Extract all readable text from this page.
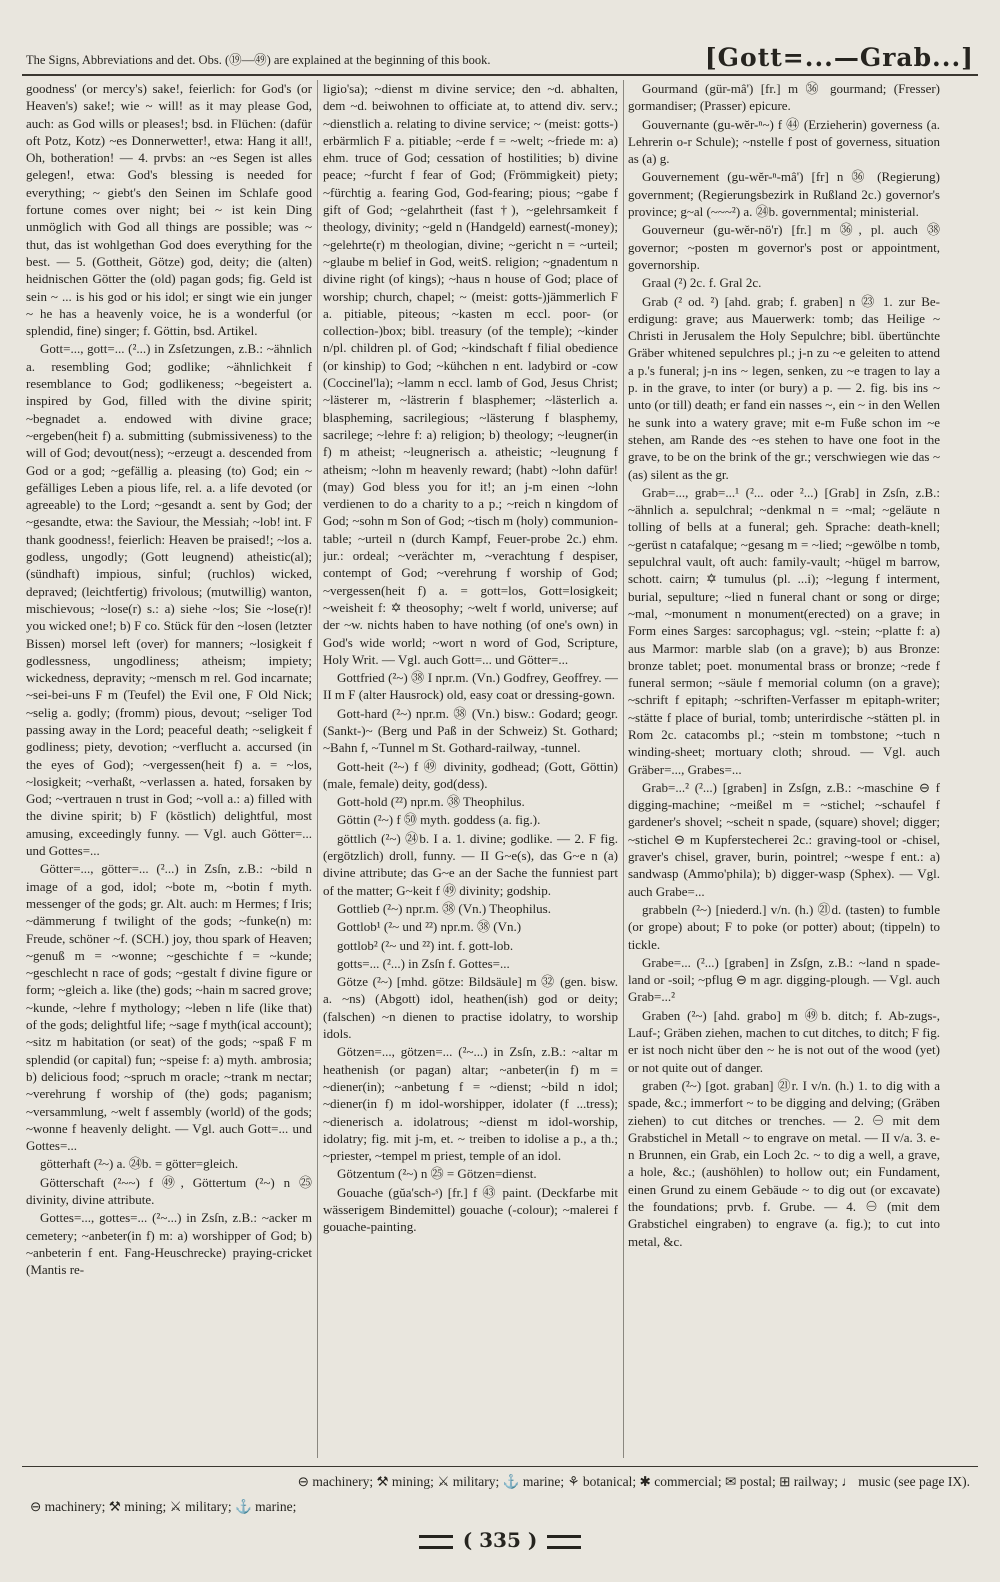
The Signs, Abbreviations and det. Obs. (⑲—㊾) are explained at the beginning of this book.	[Gott=...—Grab...]

goodness' (or mercy's) sake!, feierlich: for God's (or Heaven's) sake!; wie ~ will! as it may please God, auch: as God wills or pleases!; bsd. in Flüchen: (dafür oft Potz, Kotz) ~es Donnerwetter!, etwa: Hang it all!, Oh, botheration! — 4. prvbs: an ~es Segen ist alles gelegen!, etwa: God's blessing is needed for everything; ~ giebt's den Seinen im Schlafe good fortune comes over night; bei ~ ist kein Ding unmöglich with God all things are possible; was ~ thut, das ist wohlgethan God does everything for the best. — 5. (Gottheit, Götze) god, deity; die (alten) heidnischen Götter the (old) pagan gods; fig. Geld ist sein ~ ... is his god or his idol; er singt wie ein junger ~ he has a heavenly voice, he is a wonderful (or splendid, fine) singer; f. Göttin, bsd. Artikel.

Gott=..., gott=... (²...) in Zsſetzungen, z.B.: ~ähnlich a. resembling God; godlike; ~ähnlichkeit f resemblance to God; godlikeness; ~begeistert a. inspired by God, filled with the divine spirit; ~begnadet a. endowed with divine grace; ~ergeben(heit f) a. submitting (submissiveness) to the will of God; devout(ness); ~erzeugt a. descended from God or a god; ~gefällig a. pleasing (to) God; ein ~ gefälliges Leben a pious life, rel. a. a life devoted (or agreeable) to the Lord; ~gesandt a. sent by God; der ~gesandte, etwa: the Saviour, the Messiah; ~lob! int. F thank goodness!, feierlich: Heaven be praised!; ~los a. godless, ungodly; (Gott leugnend) atheistic(al); (sündhaft) impious, sinful; (ruchlos) wicked, depraved; (leichtfertig) frivolous; (mutwillig) wanton, mischievous; ~lose(r) s.: a) siehe ~los; Sie ~lose(r)! you wicked one!; b) F co. Stück für den ~losen (letzter Bissen) morsel left (over) for manners; ~losigkeit f godlessness, ungodliness; atheism; impiety; wickedness, depravity; ~mensch m rel. God incarnate; ~sei-bei-uns F m (Teufel) the Evil one, F Old Nick; ~selig a. godly; (fromm) pious, devout; ~seliger Tod passing away in the Lord; peaceful death; ~seligkeit f godliness; piety, devotion; ~verflucht a. accursed (in the eyes of God); ~vergessen(heit f) a. = ~los, ~losigkeit; ~verhaßt, ~verlassen a. hated, forsaken by God; ~vertrauen n trust in God; ~voll a.: a) filled with the divine spirit; b) F (köstlich) delightful, most amusing, exceedingly funny. — Vgl. auch Götter=... und Gottes=...

Götter=..., götter=... (²...) in Zsſn, z.B.: ~bild n image of a god, idol; ~bote m, ~botin f myth. messenger of the gods; gr. Alt. auch: m Hermes; f Iris; ~dämmerung f twilight of the gods; ~funke(n) m: Freude, schöner ~f. (SCH.) joy, thou spark of Heaven; ~genuß m = ~wonne; ~geschichte f = ~kunde; ~geschlecht n race of gods; ~gestalt f divine figure or form; ~gleich a. like (the) gods; ~hain m sacred grove; ~kunde, ~lehre f mythology; ~leben n life (like that) of the gods; delightful life; ~sage f myth(ical account); ~sitz m habitation (or seat) of the gods; ~spaß F m splendid (or capital) fun; ~speise f: a) myth. ambrosia; b) delicious food; ~spruch m oracle; ~trank m nectar; ~verehrung f worship of (the) gods; paganism; ~versammlung, ~welt f assembly (world) of the gods; ~wonne f heavenly delight. — Vgl. auch Gott=... und Gottes=...

götterhaft (²~) a. ㉔b. = götter=gleich.

Götterschaft (²~~) f ㊾, Göttertum (²~) n ㉕ divinity, divine attribute.

Gottes=..., gottes=... (²~...) in Zsſn, z.B.: ~acker m cemetery; ~anbeter(in f) m: a) worshipper of God; b) ~anbeterin f ent. Fang-Heuschrecke) praying-cricket (Mantis re-

ligio'sa); ~dienst m divine service; den ~d. abhalten, dem ~d. beiwohnen to officiate at, to attend div. serv.; ~dienstlich a. relating to divine service; ~ (meist: gotts-) erbärmlich F a. pitiable; ~erde f = ~welt; ~friede m: a) ehm. truce of God; cessation of hostilities; b) divine peace; ~furcht f fear of God; (Frömmigkeit) piety; ~fürchtig a. fearing God, God-fearing; pious; ~gabe f gift of God; ~gelahrtheit (fast †), ~gelehrsamkeit f theology, divinity; ~geld n (Handgeld) earnest(-money); ~gelehrte(r) m theologian, divine; ~gericht n = ~urteil; ~glaube m belief in God, weitS. religion; ~gnadentum n divine right (of kings); ~haus n house of God; place of worship; church, chapel; ~ (meist: gotts-)jämmerlich F a. pitiable, piteous; ~kasten m eccl. poor- (or collection-)box; bibl. treasury (of the temple); ~kinder n/pl. children pl. of God; ~kindschaft f filial obedience (or kinship) to God; ~kühchen n ent. ladybird or -cow (Coccinel'la); ~lamm n eccl. lamb of God, Jesus Christ; ~lästerer m, ~lästrerin f blasphemer; ~lästerlich a. blaspheming, sacrilegious; ~lästerung f blasphemy, sacrilege; ~lehre f: a) religion; b) theology; ~leugner(in f) m atheist; ~leugnerisch a. atheistic; ~leugnung f atheism; ~lohn m heavenly reward; (habt) ~lohn dafür! (may) God bless you for it!; an j-m einen ~lohn verdienen to do a charity to a p.; ~reich n kingdom of God; ~sohn m Son of God; ~tisch m (holy) communion-table; ~urteil n (durch Kampf, Feuer-probe 2c.) ehm. jur.: ordeal; ~verächter m, ~verachtung f despiser, contempt of God; ~verehrung f worship of God; ~vergessen(heit f) a. = gott=los, Gott=losigkeit; ~weisheit f: ✡ theosophy; ~welt f world, universe; auf der ~w. nichts haben to have nothing (of one's own) in God's wide world; ~wort n word of God, Scripture, Holy Writ. — Vgl. auch Gott=... und Götter=...

Gottfried (²~) ㊳ I npr.m. (Vn.) Godfrey, Geoffrey. — II m F (alter Hausrock) old, easy coat or dressing-gown.

Gott-hard (²~) npr.m. ㊳ (Vn.) bisw.: Godard; geogr. (Sankt-)~ (Berg und Paß in der Schweiz) St. Gothard; ~Bahn f, ~Tunnel m St. Gothard-railway, -tunnel.

Gott-heit (²~) f ㊾ divinity, godhead; (Gott, Göttin) (male, female) deity, god(dess).

Gott-hold (²²) npr.m. ㊳ Theophilus.

Göttin (²~) f ㊿ myth. goddess (a. fig.).

göttlich (²~) ㉔b. I a. 1. divine; godlike. — 2. F fig. (ergötzlich) droll, funny. — II G~e(s), das G~e n (a) divine attribute; das G~e an der Sache the funniest part of the matter; G~keit f ㊾ divinity; godship.

Gottlieb (²~) npr.m. ㊳ (Vn.) Theophilus.

Gottlob¹ (²~ und ²²) npr.m. ㊳ (Vn.)

gottlob² (²~ und ²²) int. f. gott-lob.

gotts=... (²...) in Zsſn f. Gottes=...

Götze (²~) [mhd. götze: Bildsäule] m ㉜ (gen. bisw. a. ~ns) (Abgott) idol, heathen(ish) god or deity; (falschen) ~n dienen to practise idolatry, to worship idols.

Götzen=..., götzen=... (²~...) in Zsſn, z.B.: ~altar m heathenish (or pagan) altar; ~anbeter(in f) m = ~diener(in); ~anbetung f = ~dienst; ~bild n idol; ~diener(in f) m idol-worshipper, idolater (f ...tress); ~dienerisch a. idolatrous; ~dienst m idol-worship, idolatry; fig. mit j-m, et. ~ treiben to idolise a p., a th.; ~priester, ~tempel m priest, temple of an idol.

Götzentum (²~) n ㉕ = Götzen=dienst.

Gouache (gŭa'sch-ˢ) [fr.] f ㊸ paint. (Deckfarbe mit wässerigem Bindemittel) gouache (-colour); ~malerei f gouache-painting.

Gourmand (gür-mâ') [fr.] m ㊱ gourmand; (Fresser) gormandiser; (Prasser) epicure.

Gouvernante (gu-wĕr-ⁿ~) f ㊹ (Erzieherin) governess (a. Lehrerin o-r Schule); ~nstelle f post of governess, situation as (a) g.

Gouvernement (gu-wĕr-ⁿ-mâ') [fr] n ㊱ (Regierung) government; (Regierungsbezirk in Rußland 2c.) governor's province; g~al (~~~²) a. ㉔b. governmental; ministerial.

Gouverneur (gu-wĕr-nö'r) [fr.] m ㊱, pl. auch ㊳ governor; ~posten m governor's post or appointment, governorship.

Graal (²) 2c. f. Gral 2c.

Grab (² od. ²) [ahd. grab; f. graben] n ㉓ 1. zur Be-erdigung: grave; aus Mauerwerk: tomb; das Heilige ~ Christi in Jerusalem the Holy Sepulchre; bibl. übertünchte Gräber whitened sepulchres pl.; j-n zu ~e geleiten to attend a p.'s funeral; j-n ins ~ legen, senken, zu ~e tragen to lay a p. in the grave, to inter (or bury) a p. — 2. fig. bis ins ~ unto (or till) death; er fand ein nasses ~, ein ~ in den Wellen he sunk into a watery grave; mit e-m Fuße schon im ~e stehen, am Rande des ~es stehen to have one foot in the grave, to be on the brink of the gr.; verschwiegen wie das ~ (as) silent as the gr.

Grab=..., grab=...¹ (²... oder ²...) [Grab] in Zsſn, z.B.: ~ähnlich a. sepulchral; ~denkmal n = ~mal; ~geläute n tolling of bells at a funeral; geh. Sprache: death-knell; ~gerüst n catafalque; ~gesang m = ~lied; ~gewölbe n tomb, sepulchral vault, oft auch: family-vault; ~hügel m barrow, schott. cairn; ✡ tumulus (pl. ...i); ~legung f interment, burial, sepulture; ~lied n funeral chant or song or dirge; ~mal, ~monument n monument(erected) on a grave; in Form eines Sarges: sarcophagus; vgl. ~stein; ~platte f: a) aus Marmor: marble slab (on a grave); b) aus Bronze: bronze tablet; poet. monumental brass or bronze; ~rede f funeral sermon; ~säule f memorial column (on a grave); ~schrift f epitaph; ~schriften-Verfasser m epitaph-writer; ~stätte f place of burial, tomb; unterirdische ~stätten pl. in Rom 2c. catacombs pl.; ~stein m tombstone; ~tuch n winding-sheet; mortuary cloth; shroud. — Vgl. auch Gräber=..., Grabes=...

Grab=...² (²...) [graben] in Zsſgn, z.B.: ~maschine ⊖ f digging-machine; ~meißel m = ~stichel; ~schaufel f gardener's shovel; ~scheit n spade, (square) shovel; digger; ~stichel ⊖ m Kupferstecherei 2c.: graving-tool or -chisel, graver's chisel, graver, burin, pointrel; ~wespe f ent.: a) sandwasp (Ammo'phila); b) digger-wasp (Sphex). — Vgl. auch Grabe=...

grabbeln (²~) [niederd.] v/n. (h.) ㉑d. (tasten) to fumble (or grope) about; F to poke (or potter) about; (tippeln) to tickle.

Grabe=... (²...) [graben] in Zsſgn, z.B.: ~land n spade-land or -soil; ~pflug ⊖ m agr. digging-plough. — Vgl. auch Grab=...²

Graben (²~) [ahd. grabo] m ㊾b. ditch; f. Ab-zugs-, Lauf-; Gräben ziehen, machen to cut ditches, to ditch; F fig. er ist noch nicht über den ~ he is not out of the wood (yet) or not quite out of danger.

graben (²~) [got. graban] ㉑r. I v/n. (h.) 1. to dig with a spade, &c.; immerfort ~ to be digging and delving; (Gräben ziehen) to cut ditches or trenches. — 2. ⊖ mit dem Grabstichel in Metall ~ to engrave on metal. — II v/a. 3. e-n Brunnen, ein Grab, ein Loch 2c. ~ to dig a well, a grave, a hole, &c.; (aushöhlen) to hollow out; ein Fundament, einen Grund zu einem Gebäude ~ to dig out (or excavate) the foundations; prvb. f. Grube. — 4. ⊖ (mit dem Grabstichel eingraben) to engrave (a. fig.); to cut into metal, &c.

⊖ machinery; ⚒ mining; ⚔ military; ⚓ marine; ⚘ botanical; ✱ commercial; ✉ postal; ⊞ railway; ♩ music (see page IX).
⊖ machinery; ⚒ mining; ⚔ military; ⚓ marine;
( 335 )
